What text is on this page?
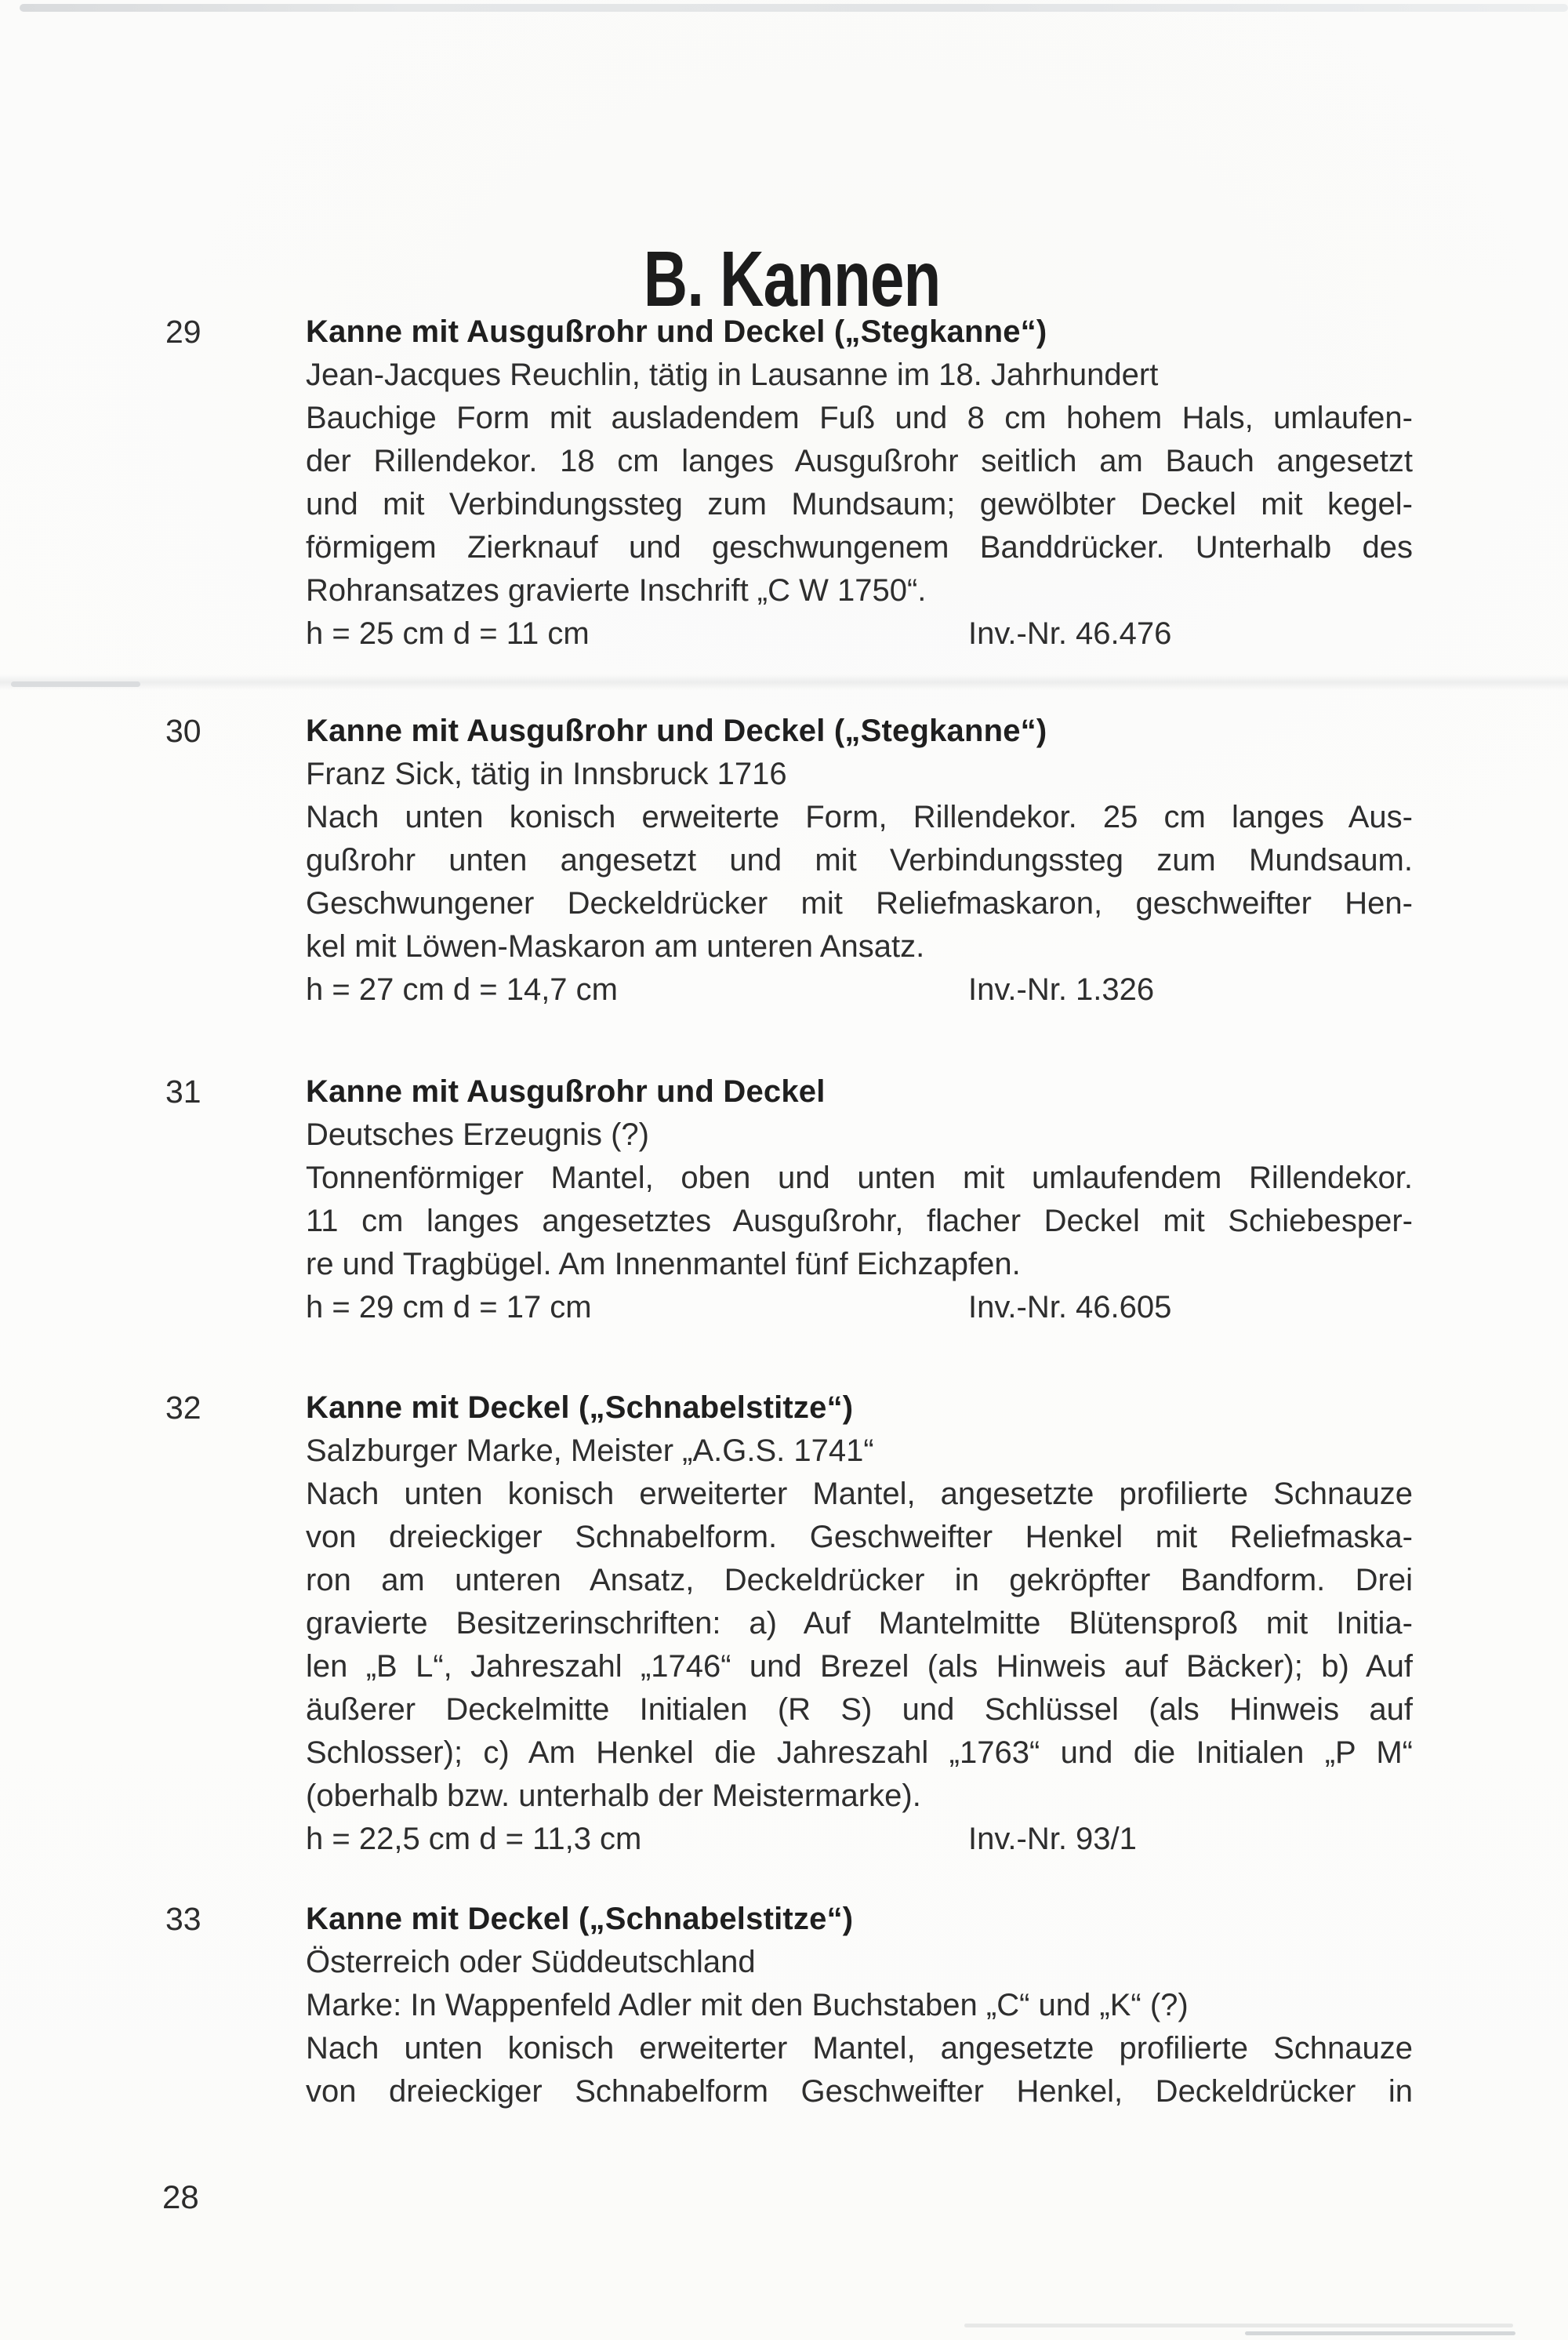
B. Kannen
29	Kanne mit Ausgußrohr und Deckel („Stegkanne“)
Jean-Jacques Reuchlin, tätig in Lausanne im 18. Jahrhundert
Bauchige Form mit ausladendem Fuß und 8 cm hohem Hals, umlaufen-
der Rillendekor. 18 cm langes Ausgußrohr seitlich am Bauch angesetzt
und mit Verbindungssteg zum Mundsaum; gewölbter Deckel mit kegel-
förmigem Zierknauf und geschwungenem Banddrücker. Unterhalb des
Rohransatzes gravierte Inschrift „C W 1750“.
h = 25 cm d = 11 cm	Inv.-Nr. 46.476
30	Kanne mit Ausgußrohr und Deckel („Stegkanne“)
Franz Sick, tätig in Innsbruck 1716
Nach unten konisch erweiterte Form, Rillendekor. 25 cm langes Aus-
gußrohr unten angesetzt und mit Verbindungssteg zum Mundsaum.
Geschwungener Deckeldrücker mit Reliefmaskaron, geschweifter Hen-
kel mit Löwen-Maskaron am unteren Ansatz.
h = 27 cm d = 14,7 cm	Inv.-Nr. 1.326
31	Kanne mit Ausgußrohr und Deckel
Deutsches Erzeugnis (?)
Tonnenförmiger Mantel, oben und unten mit umlaufendem Rillendekor.
11 cm langes angesetztes Ausgußrohr, flacher Deckel mit Schiebesper-
re und Tragbügel. Am Innenmantel fünf Eichzapfen.
h = 29 cm d = 17 cm	Inv.-Nr. 46.605
32	Kanne mit Deckel („Schnabelstitze“)
Salzburger Marke, Meister „A.G.S. 1741“
Nach unten konisch erweiterter Mantel, angesetzte profilierte Schnauze
von dreieckiger Schnabelform. Geschweifter Henkel mit Reliefmaska-
ron am unteren Ansatz, Deckeldrücker in gekröpfter Bandform. Drei
gravierte Besitzerinschriften: a) Auf Mantelmitte Blütensproß mit Initia-
len „B L“, Jahreszahl „1746“ und Brezel (als Hinweis auf Bäcker); b) Auf
äußerer Deckelmitte Initialen (R S) und Schlüssel (als Hinweis auf
Schlosser); c) Am Henkel die Jahreszahl „1763“ und die Initialen „P M“
(oberhalb bzw. unterhalb der Meistermarke).
h = 22,5 cm d = 11,3 cm	Inv.-Nr. 93/1
33	Kanne mit Deckel („Schnabelstitze“)
Österreich oder Süddeutschland
Marke: In Wappenfeld Adler mit den Buchstaben „C“ und „K“ (?)
Nach unten konisch erweiterter Mantel, angesetzte profilierte Schnauze
von dreieckiger Schnabelform Geschweifter Henkel, Deckeldrücker in
28
